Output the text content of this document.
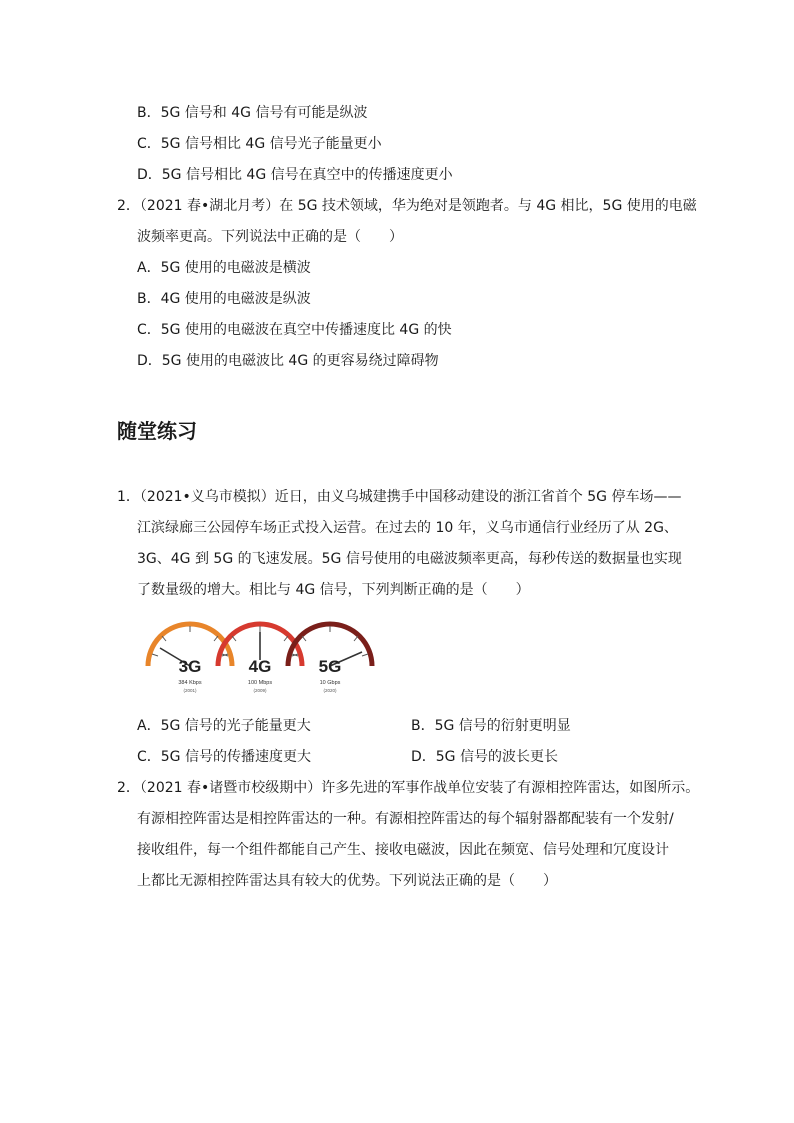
B．5G 信号和 4G 信号有可能是纵波
C．5G 信号相比 4G 信号光子能量更小
D．5G 信号相比 4G 信号在真空中的传播速度更小
2．（2021 春•湖北月考）在 5G 技术领域，华为绝对是领跑者。与 4G 相比，5G 使用的电磁
波频率更高。下列说法中正确的是（　　）
A．5G 使用的电磁波是横波
B．4G 使用的电磁波是纵波
C．5G 使用的电磁波在真空中传播速度比 4G 的快
D．5G 使用的电磁波比 4G 的更容易绕过障碍物
随堂练习
1．（2021•义乌市模拟）近日，由义乌城建携手中国移动建设的浙江省首个 5G 停车场——
江滨绿廊三公园停车场正式投入运营。在过去的 10 年，义乌市通信行业经历了从 2G、
3G、4G 到 5G 的飞速发展。5G 信号使用的电磁波频率更高，每秒传送的数据量也实现
了数量级的增大。相比与 4G 信号，下列判断正确的是（　　）
3G
384 Kbps
(2001)
4G
100 Mbps
(2009)
5G
10 Gbps
(2020)
A．5G 信号的光子能量更大	B．5G 信号的衍射更明显
C．5G 信号的传播速度更大	D．5G 信号的波长更长
2．（2021 春•诸暨市校级期中）许多先进的军事作战单位安装了有源相控阵雷达，如图所示。
有源相控阵雷达是相控阵雷达的一种。有源相控阵雷达的每个辐射器都配装有一个发射/
接收组件，每一个组件都能自己产生、接收电磁波，因此在频宽、信号处理和冗度设计
上都比无源相控阵雷达具有较大的优势。下列说法正确的是（　　）
